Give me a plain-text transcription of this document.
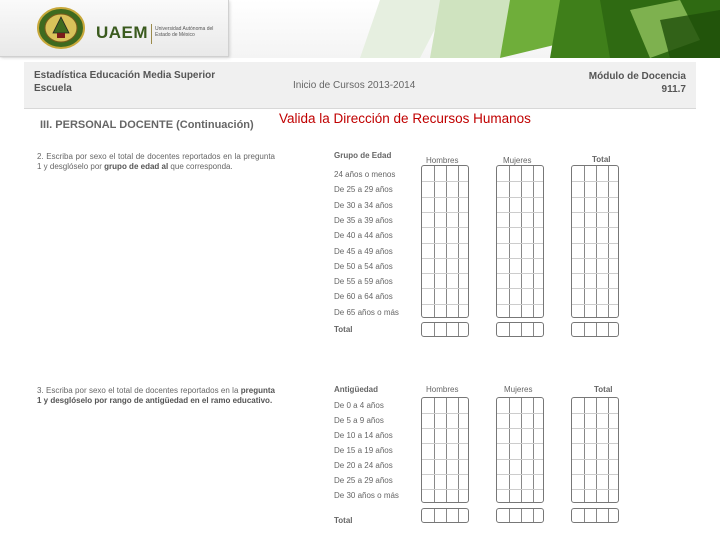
UAEM Universidad Autónoma del Estado de México
Estadística Educación Media Superior
Escuela	Inicio de Cursos 2013-2014
Módulo de Docencia
911.7
Valida la Dirección de Recursos Humanos
III. PERSONAL DOCENTE (Continuación)
2. Escriba por sexo el total de docentes reportados en la pregunta 1 y desglóselo por grupo de edad al que corresponda.
Grupo de Edad
Hombres	Mujeres	Total
24 años o menos
De 25 a 29 años
De 30 a 34 años
De 35 a 39 años
De 40 a 44 años
De 45 a 49 años
De 50 a 54 años
De 55 a 59 años
De 60 a 64 años
De 65 años o más
Total
3. Escriba por sexo el total de docentes reportados en la pregunta 1 y desglóselo por rango de antigüedad en el ramo educativo.
Antigüedad	Hombres	Mujeres	Total
De 0 a 4 años
De 5 a 9 años
De 10 a 14 años
De 15 a 19 años
De 20 a 24 años
De 25 a 29 años
De 30 años o más
Total
